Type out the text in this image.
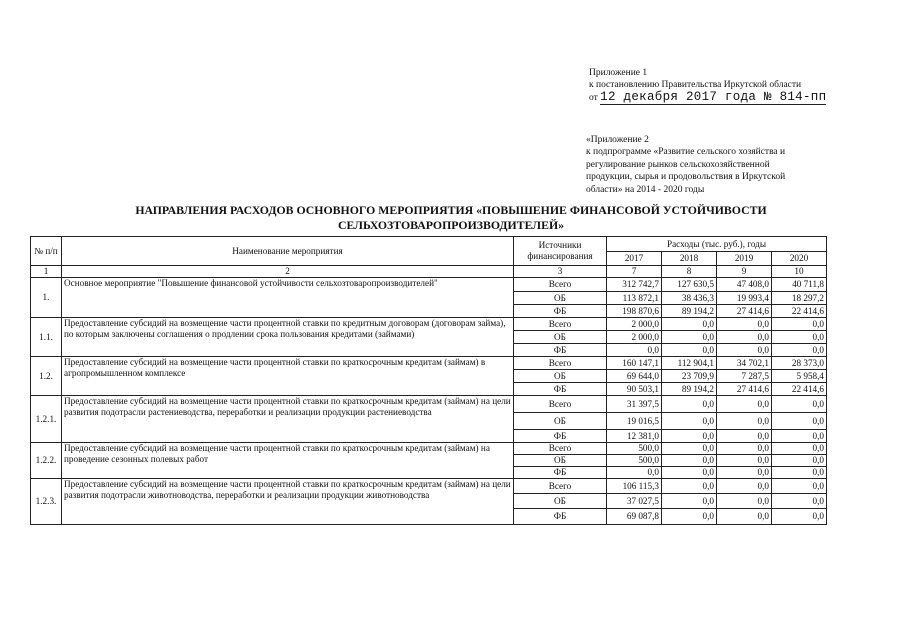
Приложение 1
к постановлению Правительства Иркутской области
от 12 декабря 2017 года № 814-пп
«Приложение 2
к подпрограмме «Развитие сельского хозяйства и
регулирование рынков сельскохозяйственной
продукции, сырья и продовольствия в Иркутской
области» на 2014 - 2020 годы
НАПРАВЛЕНИЯ РАСХОДОВ ОСНОВНОГО МЕРОПРИЯТИЯ «ПОВЫШЕНИЕ ФИНАНСОВОЙ УСТОЙЧИВОСТИ
СЕЛЬХОЗТОВАРОПРОИЗВОДИТЕЛЕЙ»
№ п/п	Наименование мероприятия	Источники финансирования	Расходы (тыс. руб.), годы			
			2017	2018	2019	2020
1	2	3	7	8	9	10
1.	Основное мероприятие "Повышение финансовой устойчивости сельхозтоваропроизводителей"	Всего	312 742,7	127 630,5	47 408,0	40 711,8
		ОБ	113 872,1	38 436,3	19 993,4	18 297,2
		ФБ	198 870,6	89 194,2	27 414,6	22 414,6
1.1.	Предоставление субсидий на возмещение части процентной ставки по кредитным договорам (договорам займа), по которым заключены соглашения о продлении срока пользования кредитами (займами)	Всего	2 000,0	0,0	0,0	0,0
		ОБ	2 000,0	0,0	0,0	0,0
		ФБ	0,0	0,0	0,0	0,0
1.2.	Предоставление субсидий на возмещение части процентной ставки по краткосрочным кредитам (займам) в агропромышленном комплексе	Всего	160 147,1	112 904,1	34 702,1	28 373,0
		ОБ	69 644,0	23 709,9	7 287,5	5 958,4
		ФБ	90 503,1	89 194,2	27 414,6	22 414,6
1.2.1.	Предоставление субсидий на возмещение части процентной ставки по краткосрочным кредитам (займам) на цели развития подотрасли растениеводства, переработки и реализации продукции растениеводства	Всего	31 397,5	0,0	0,0	0,0
		ОБ	19 016,5	0,0	0,0	0,0
		ФБ	12 381,0	0,0	0,0	0,0
1.2.2.	Предоставление субсидий на возмещение части процентной ставки по краткосрочным кредитам (займам) на проведение сезонных полевых работ	Всего	500,0	0,0	0,0	0,0
		ОБ	500,0	0,0	0,0	0,0
		ФБ	0,0	0,0	0,0	0,0
1.2.3.	Предоставление субсидий на возмещение части процентной ставки по краткосрочным кредитам (займам) на цели развития подотрасли животноводства, переработки и реализации продукции животноводства	Всего	106 115,3	0,0	0,0	0,0
		ОБ	37 027,5	0,0	0,0	0,0
		ФБ	69 087,8	0,0	0,0	0,0
